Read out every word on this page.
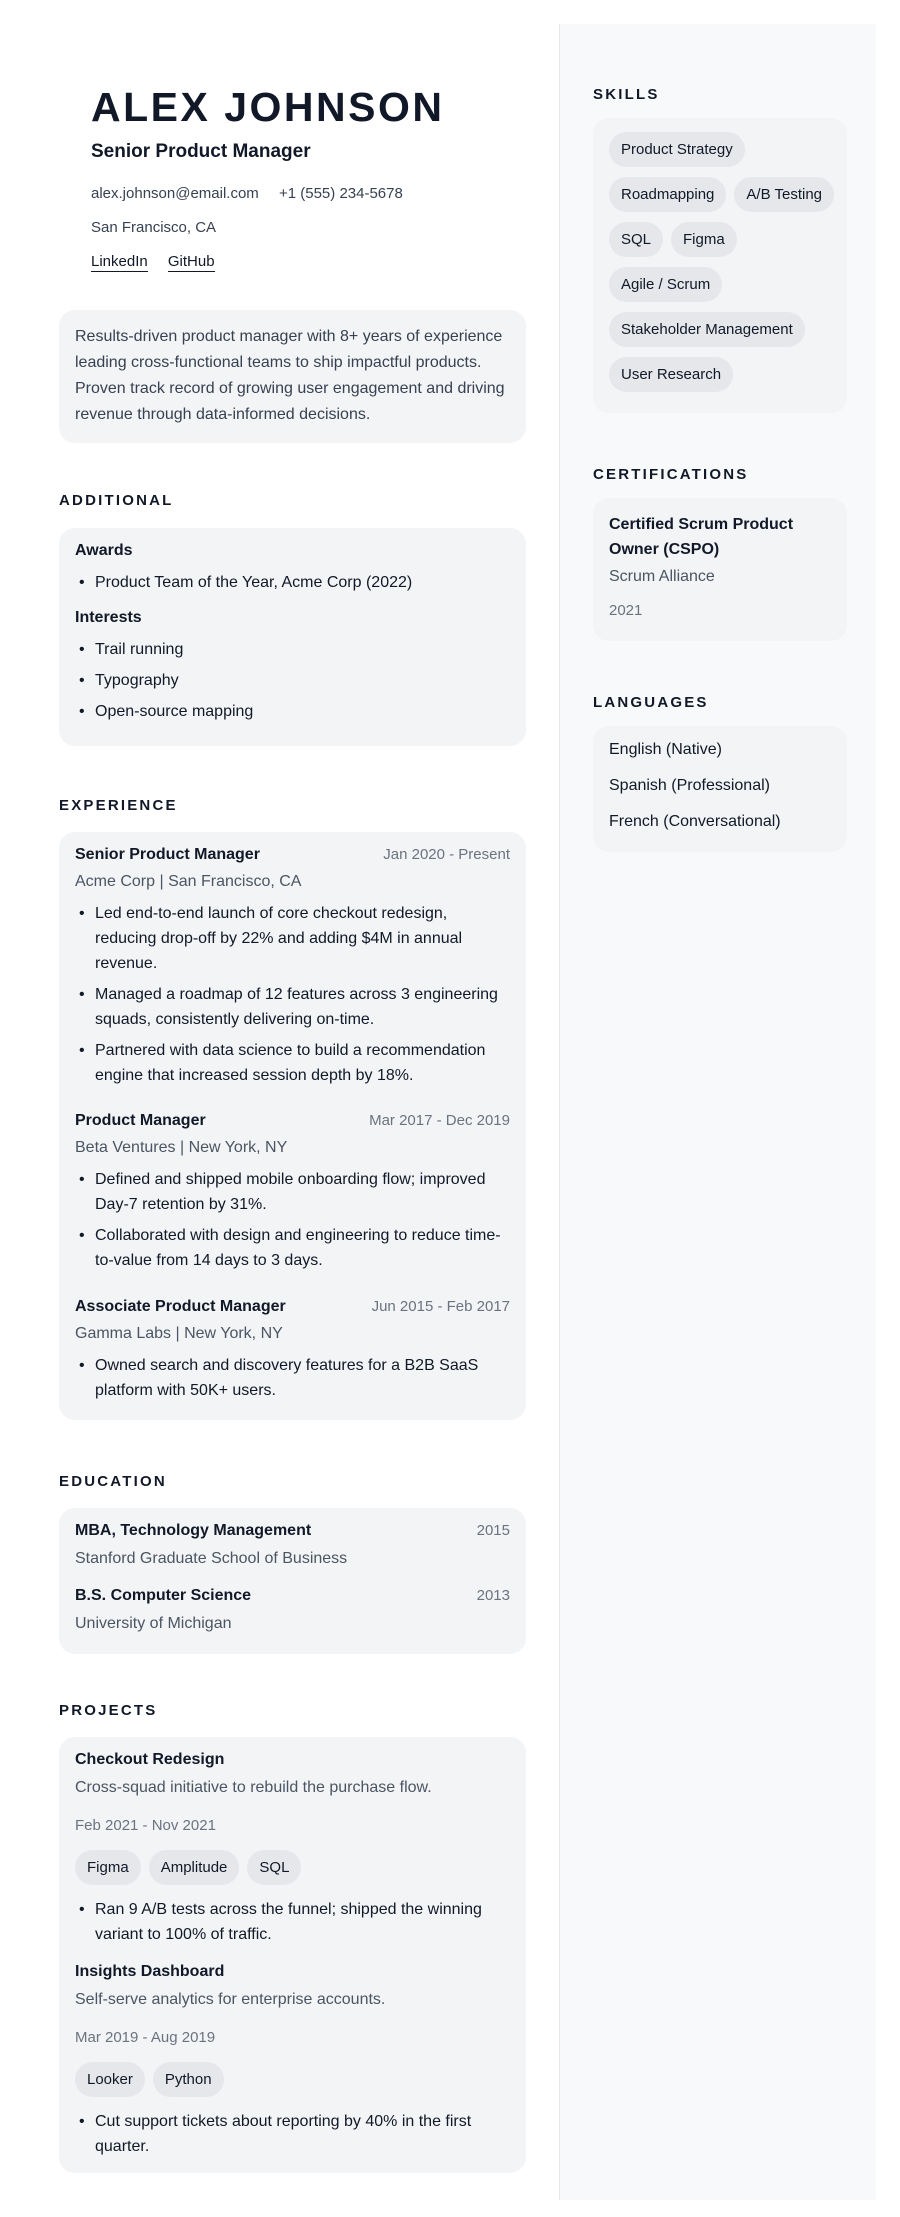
ALEX JOHNSON
Senior Product Manager
alex.johnson@email.com +1 (555) 234-5678
San Francisco, CA
LinkedIn GitHub
Results-driven product manager with 8+ years of experience leading cross-functional teams to ship impactful products. Proven track record of growing user engagement and driving revenue through data-informed decisions.
ADDITIONAL
Awards
• Product Team of the Year, Acme Corp (2022)
Interests
• Trail running
• Typography
• Open-source mapping
EXPERIENCE
Senior Product Manager	Jan 2020 - Present
Acme Corp | San Francisco, CA
• Led end-to-end launch of core checkout redesign, reducing drop-off by 22% and adding $4M in annual revenue.
• Managed a roadmap of 12 features across 3 engineering squads, consistently delivering on-time.
• Partnered with data science to build a recommendation engine that increased session depth by 18%.
Product Manager	Mar 2017 - Dec 2019
Beta Ventures | New York, NY
• Defined and shipped mobile onboarding flow; improved Day-7 retention by 31%.
• Collaborated with design and engineering to reduce time-to-value from 14 days to 3 days.
Associate Product Manager	Jun 2015 - Feb 2017
Gamma Labs | New York, NY
• Owned search and discovery features for a B2B SaaS platform with 50K+ users.
EDUCATION
MBA, Technology Management	2015
Stanford Graduate School of Business
B.S. Computer Science	2013
University of Michigan
PROJECTS
Checkout Redesign
Cross-squad initiative to rebuild the purchase flow.
Feb 2021 - Nov 2021
Figma	Amplitude	SQL
• Ran 9 A/B tests across the funnel; shipped the winning variant to 100% of traffic.
Insights Dashboard
Self-serve analytics for enterprise accounts.
Mar 2019 - Aug 2019
Looker	Python
• Cut support tickets about reporting by 40% in the first quarter.
SKILLS
Product Strategy
Roadmapping	A/B Testing
SQL	Figma
Agile / Scrum
Stakeholder Management
User Research
CERTIFICATIONS
Certified Scrum Product Owner (CSPO)
Scrum Alliance
2021
LANGUAGES
English (Native)
Spanish (Professional)
French (Conversational)
